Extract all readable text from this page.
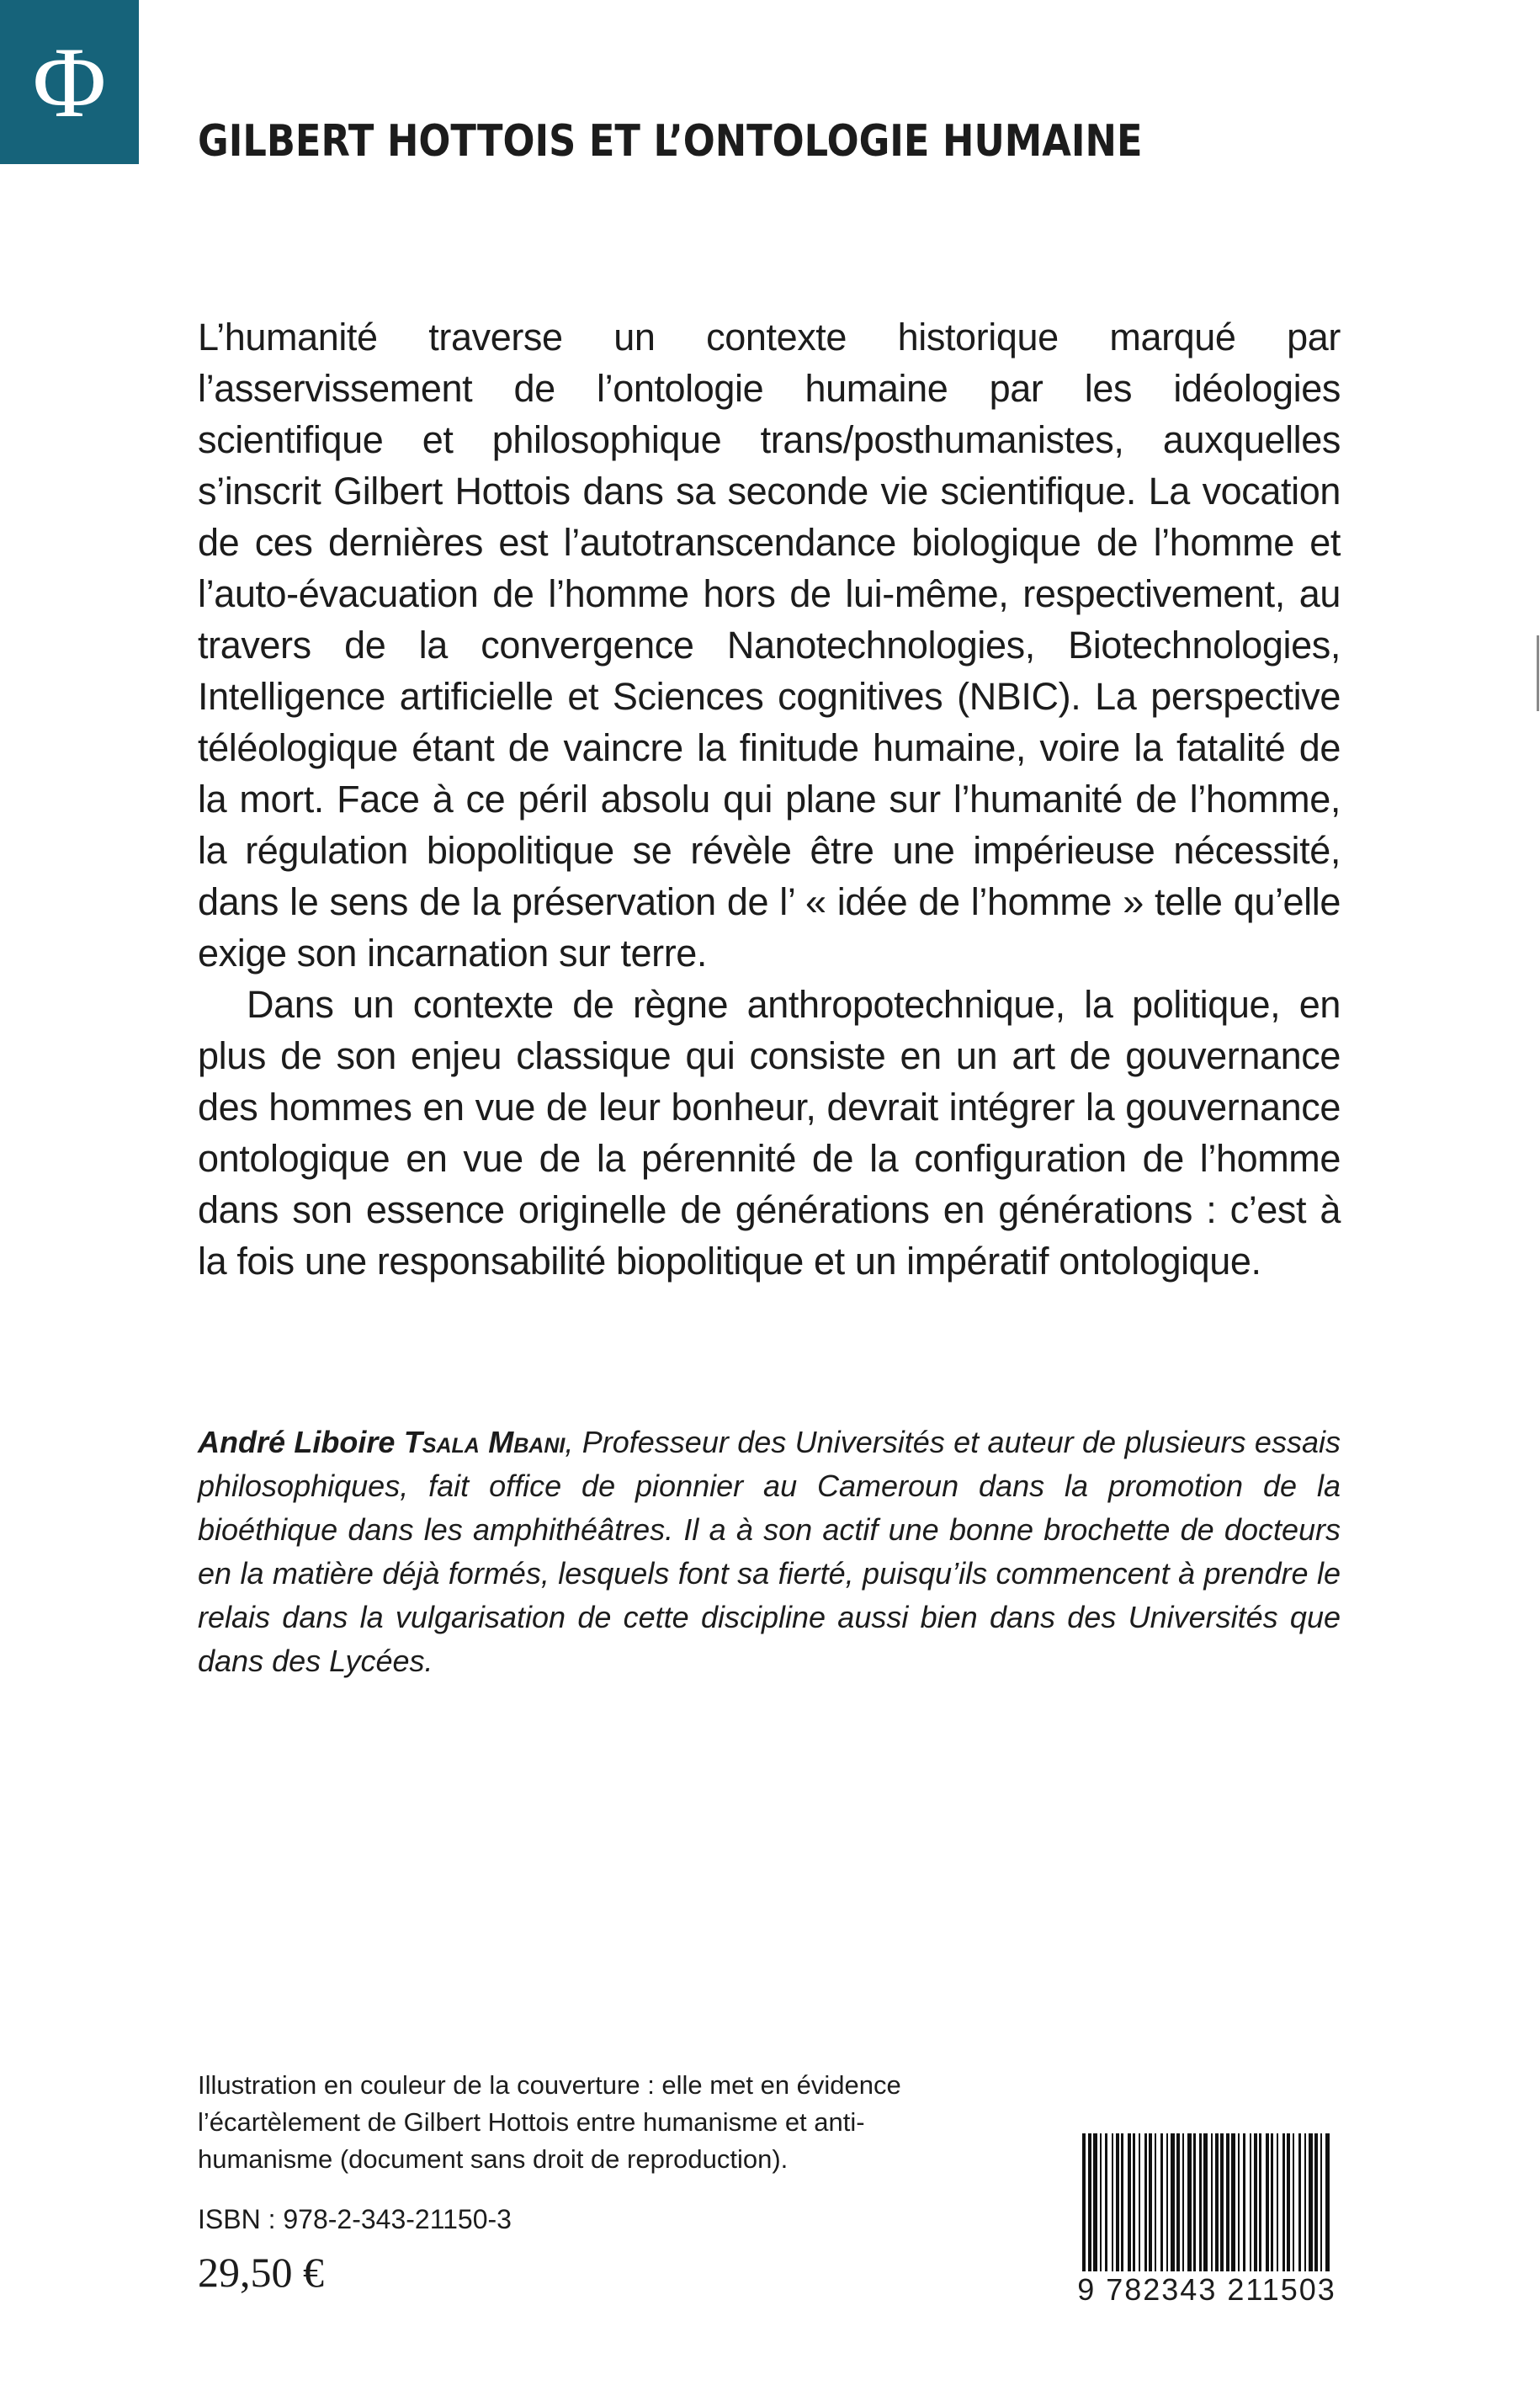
Φ
GILBERT HOTTOIS ET L’ONTOLOGIE HUMAINE

L’humanité traverse un contexte historique marqué par l’asservissement de l’ontologie humaine par les idéologies scientifique et philosophique trans/posthumanistes, auxquelles s’inscrit Gilbert Hottois dans sa seconde vie scientifique. La vocation de ces dernières est l’autotranscendance biologique de l’homme et l’auto-évacuation de l’homme hors de lui-même, respectivement, au travers de la convergence Nanotechnologies, Biotechnologies, Intelligence artificielle et Sciences cognitives (NBIC). La perspective téléologique étant de vaincre la finitude humaine, voire la fatalité de la mort. Face à ce péril absolu qui plane sur l’humanité de l’homme, la régulation biopolitique se révèle être une impérieuse nécessité, dans le sens de la préservation de l’ « idée de l’homme » telle qu’elle exige son incarnation sur terre.

Dans un contexte de règne anthropotechnique, la politique, en plus de son enjeu classique qui consiste en un art de gouvernance des hommes en vue de leur bonheur, devrait intégrer la gouvernance ontologique en vue de la pérennité de la configuration de l’homme dans son essence originelle de générations en générations : c’est à la fois une responsabilité biopolitique et un impératif ontologique.

André Liboire Tsala Mbani, Professeur des Universités et auteur de plusieurs essais philosophiques, fait office de pionnier au Cameroun dans la promotion de la bioéthique dans les amphithéâtres. Il a à son actif une bonne brochette de docteurs en la matière déjà formés, lesquels font sa fierté, puisqu’ils commencent à prendre le relais dans la vulgarisation de cette discipline aussi bien dans des Universités que dans des Lycées.

Illustration en couleur de la couverture : elle met en évidence l’écartèlement de Gilbert Hottois entre humanisme et anti-humanisme (document sans droit de reproduction).

ISBN : 978-2-343-21150-3

29,50 €	9 782343 211503
